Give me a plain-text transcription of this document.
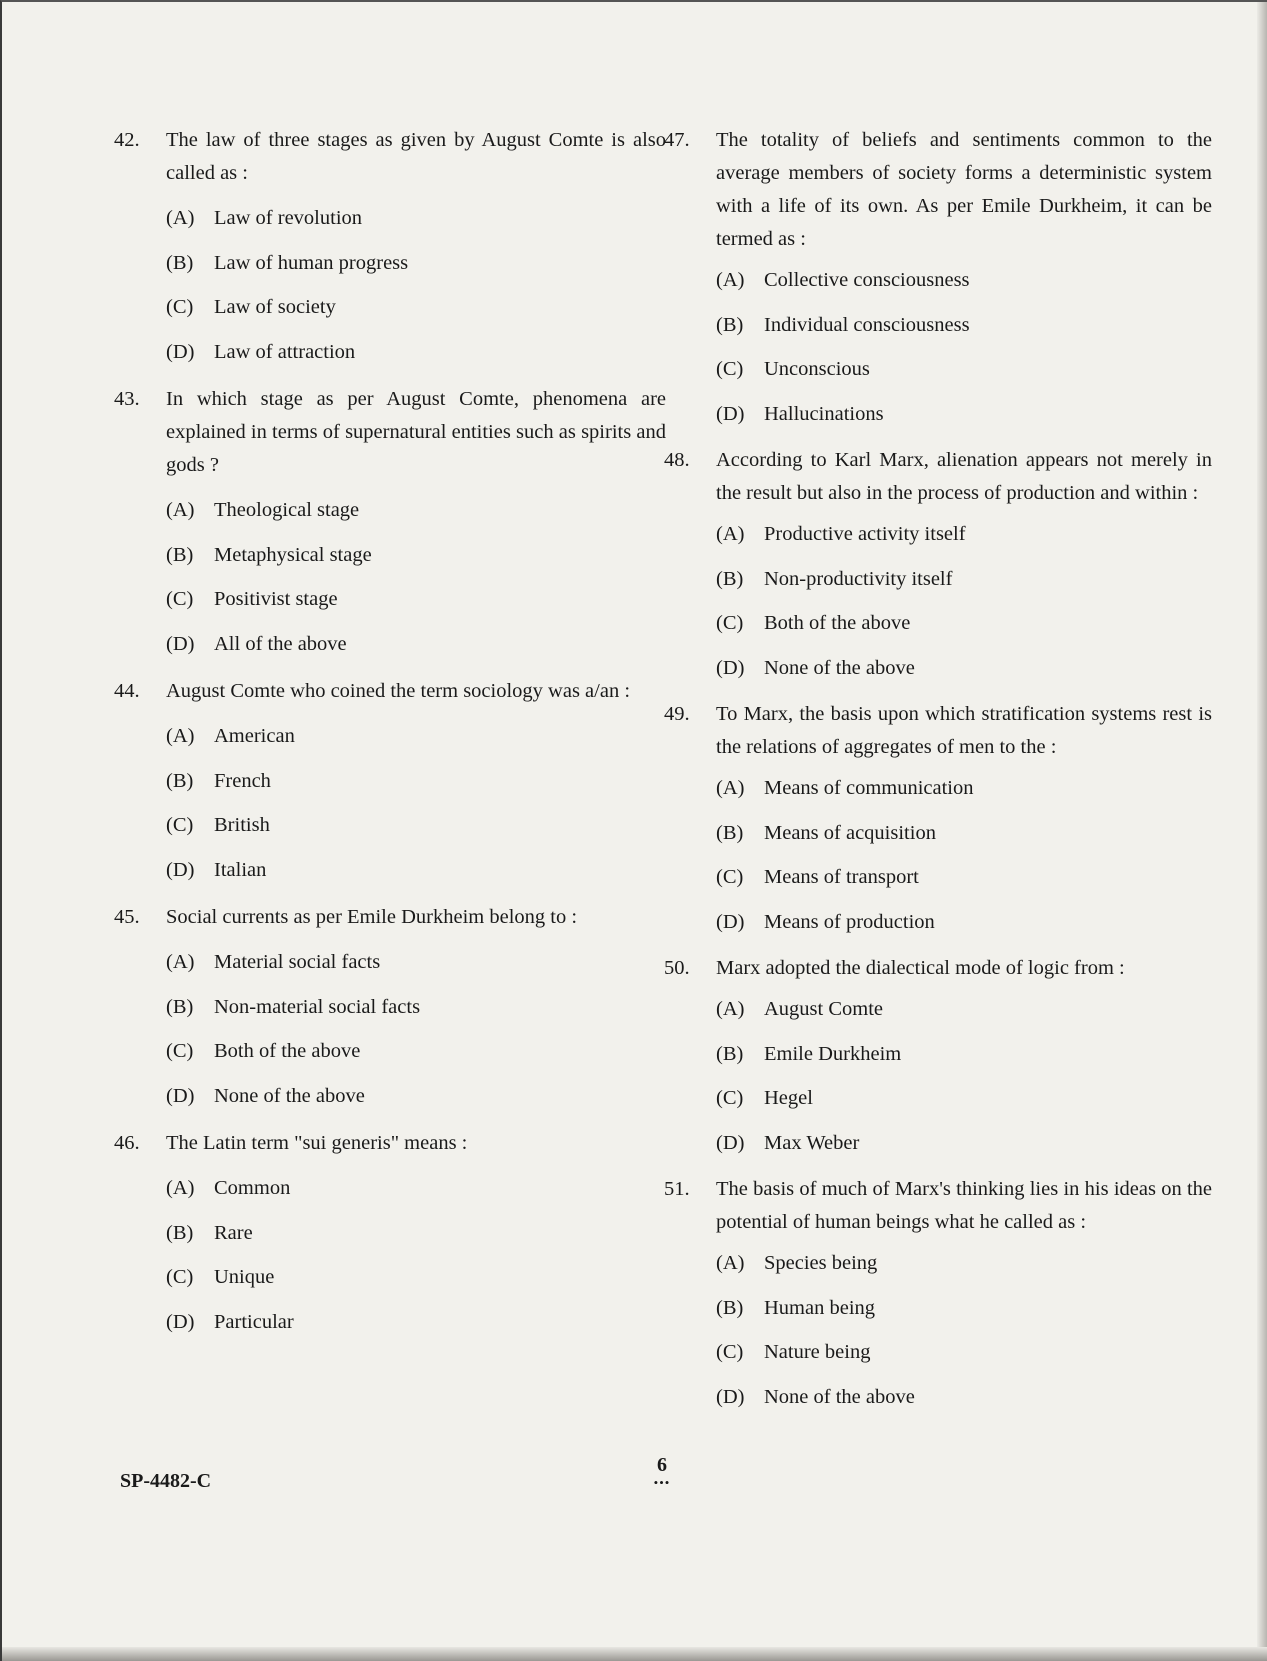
42.	The law of three stages as given by August Comte is also called as :
(A) Law of revolution
(B) Law of human progress
(C) Law of society
(D) Law of attraction
43.	In which stage as per August Comte, phenomena are explained in terms of supernatural entities such as spirits and gods ?
(A) Theological stage
(B) Metaphysical stage
(C) Positivist stage
(D) All of the above
44.	August Comte who coined the term sociology was a/an :
(A) American
(B) French
(C) British
(D) Italian
45.	Social currents as per Emile Durkheim belong to :
(A) Material social facts
(B) Non-material social facts
(C) Both of the above
(D) None of the above
46.	The Latin term "sui generis" means :
(A) Common
(B) Rare
(C) Unique
(D) Particular
47.	The totality of beliefs and sentiments common to the average members of society forms a deterministic system with a life of its own. As per Emile Durkheim, it can be termed as :
(A) Collective consciousness
(B) Individual consciousness
(C) Unconscious
(D) Hallucinations
48.	According to Karl Marx, alienation appears not merely in the result but also in the process of production and within :
(A) Productive activity itself
(B) Non-productivity itself
(C) Both of the above
(D) None of the above
49.	To Marx, the basis upon which stratification systems rest is the relations of aggregates of men to the :
(A) Means of communication
(B) Means of acquisition
(C) Means of transport
(D) Means of production
50.	Marx adopted the dialectical mode of logic from :
(A) August Comte
(B) Emile Durkheim
(C) Hegel
(D) Max Weber
51.	The basis of much of Marx's thinking lies in his ideas on the potential of human beings what he called as :
(A) Species being
(B) Human being
(C) Nature being
(D) None of the above
SP-4482-C
6
•••
